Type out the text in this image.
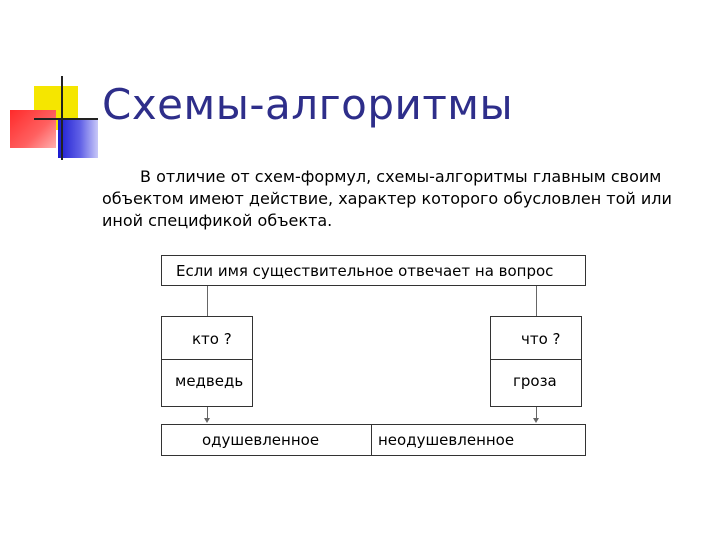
Схемы-алгоритмы
В отличие от схем-формул, схемы-алгоритмы главным своим объектом имеют действие, характер которого обусловлен той или иной спецификой объекта.
Если имя существительное отвечает на вопрос
кто ?
медведь
что ?
гроза
одушевленное	неодушевленное
